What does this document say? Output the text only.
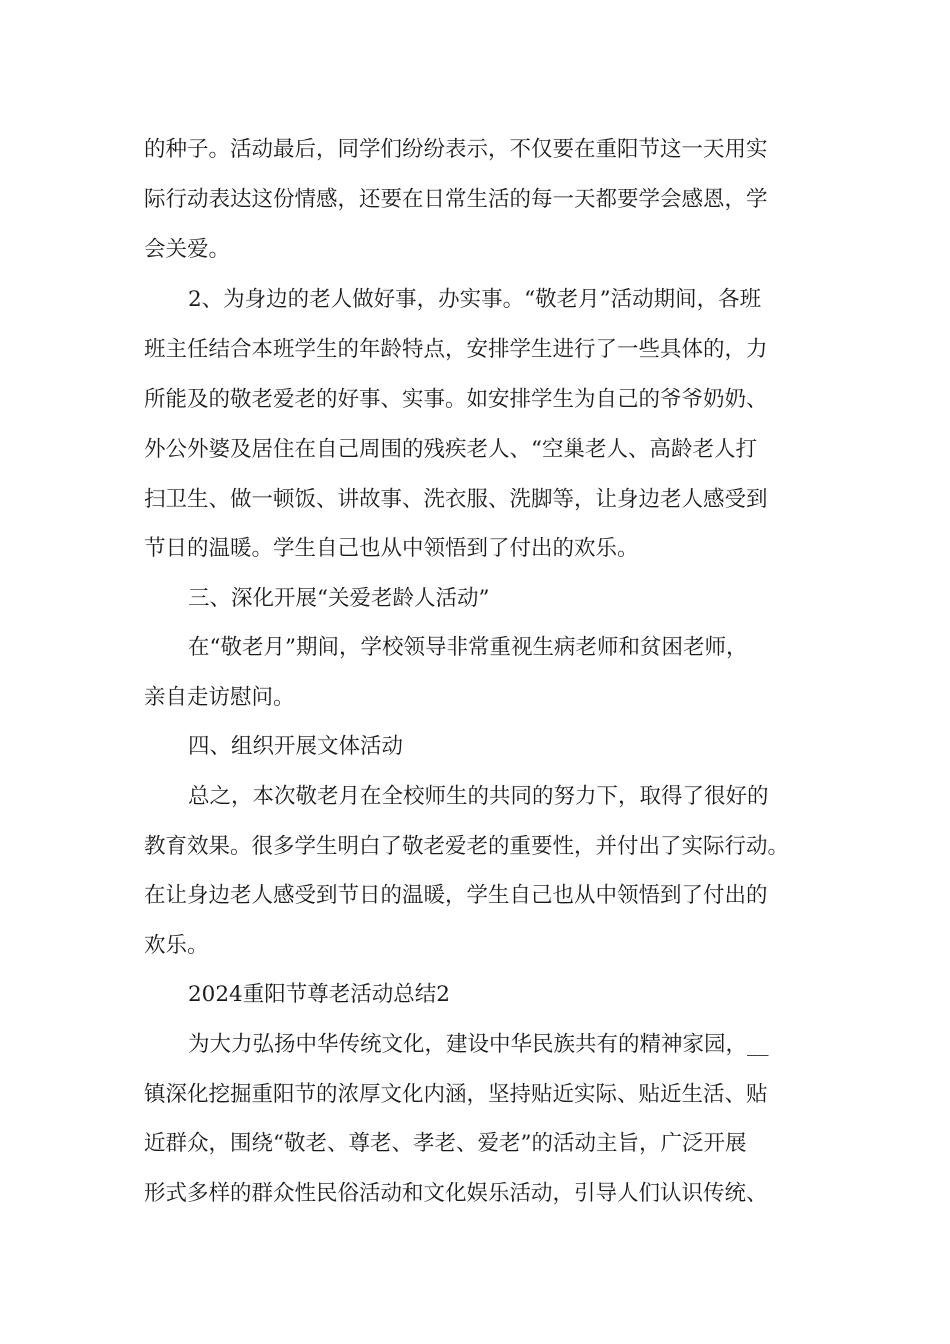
的种子。活动最后，同学们纷纷表示，不仅要在重阳节这一天用实
际行动表达这份情感，还要在日常生活的每一天都要学会感恩，学
会关爱。
2、为身边的老人做好事，办实事。“敬老月”活动期间，各班
班主任结合本班学生的年龄特点，安排学生进行了一些具体的，力
所能及的敬老爱老的好事、实事。如安排学生为自己的爷爷奶奶、
外公外婆及居住在自己周围的残疾老人、“空巢老人、高龄老人打
扫卫生、做一顿饭、讲故事、洗衣服、洗脚等，让身边老人感受到
节日的温暖。学生自己也从中领悟到了付出的欢乐。
三、深化开展“关爱老龄人活动”
在“敬老月”期间，学校领导非常重视生病老师和贫困老师，
亲自走访慰问。
四、组织开展文体活动
总之，本次敬老月在全校师生的共同的努力下，取得了很好的
教育效果。很多学生明白了敬老爱老的重要性，并付出了实际行动。
在让身边老人感受到节日的温暖，学生自己也从中领悟到了付出的
欢乐。
2024重阳节尊老活动总结2
为大力弘扬中华传统文化，建设中华民族共有的精神家园，__
镇深化挖掘重阳节的浓厚文化内涵，坚持贴近实际、贴近生活、贴
近群众，围绕“敬老、尊老、孝老、爱老”的活动主旨，广泛开展
形式多样的群众性民俗活动和文化娱乐活动，引导人们认识传统、
